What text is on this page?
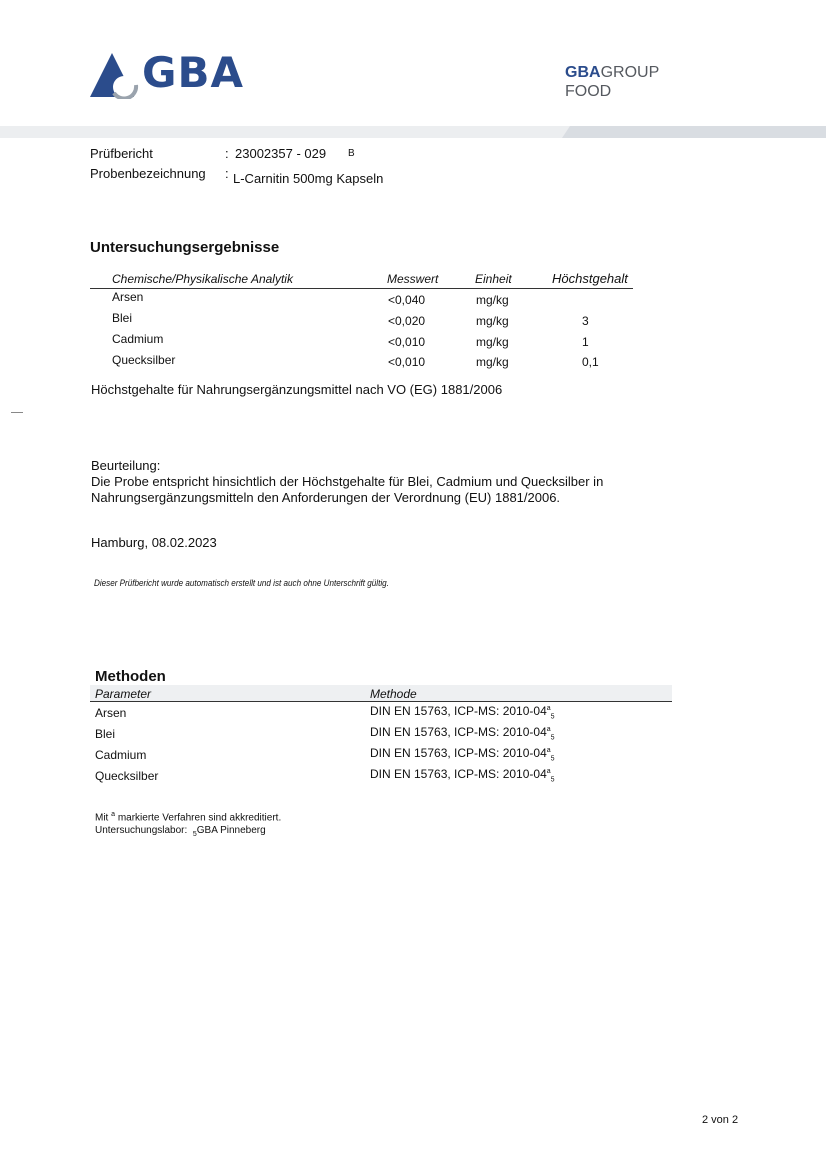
GBA	GBAGROUP
FOOD
Prüfbericht	: 23002357 - 029 B
Probenbezeichnung : L-Carnitin 500mg Kapseln
Untersuchungsergebnisse
Chemische/Physikalische Analytik	Messwert	Einheit	Höchstgehalt
Arsen	<0,040	mg/kg
Blei	<0,020	mg/kg	3
Cadmium	<0,010	mg/kg	1
Quecksilber	<0,010	mg/kg	0,1
Höchstgehalte für Nahrungsergänzungsmittel nach VO (EG) 1881/2006
Beurteilung:
Die Probe entspricht hinsichtlich der Höchstgehalte für Blei, Cadmium und Quecksilber in
Nahrungsergänzungsmitteln den Anforderungen der Verordnung (EU) 1881/2006.
Hamburg, 08.02.2023
Dieser Prüfbericht wurde automatisch erstellt und ist auch ohne Unterschrift gültig.
Methoden
Parameter	Methode
Arsen	DIN EN 15763, ICP-MS: $2010-04^a_5$
Blei	DIN EN 15763, ICP-MS: $2010-04^a_5$
Cadmium	DIN EN 15763, ICP-MS: $2010-04^a_5$
Quecksilber	DIN EN 15763, ICP-MS: $2010-04^a_5$
Mit $^a$ markierte Verfahren sind akkreditiert.
Untersuchungslabor: $_5$GBA Pinneberg
2 von 2
